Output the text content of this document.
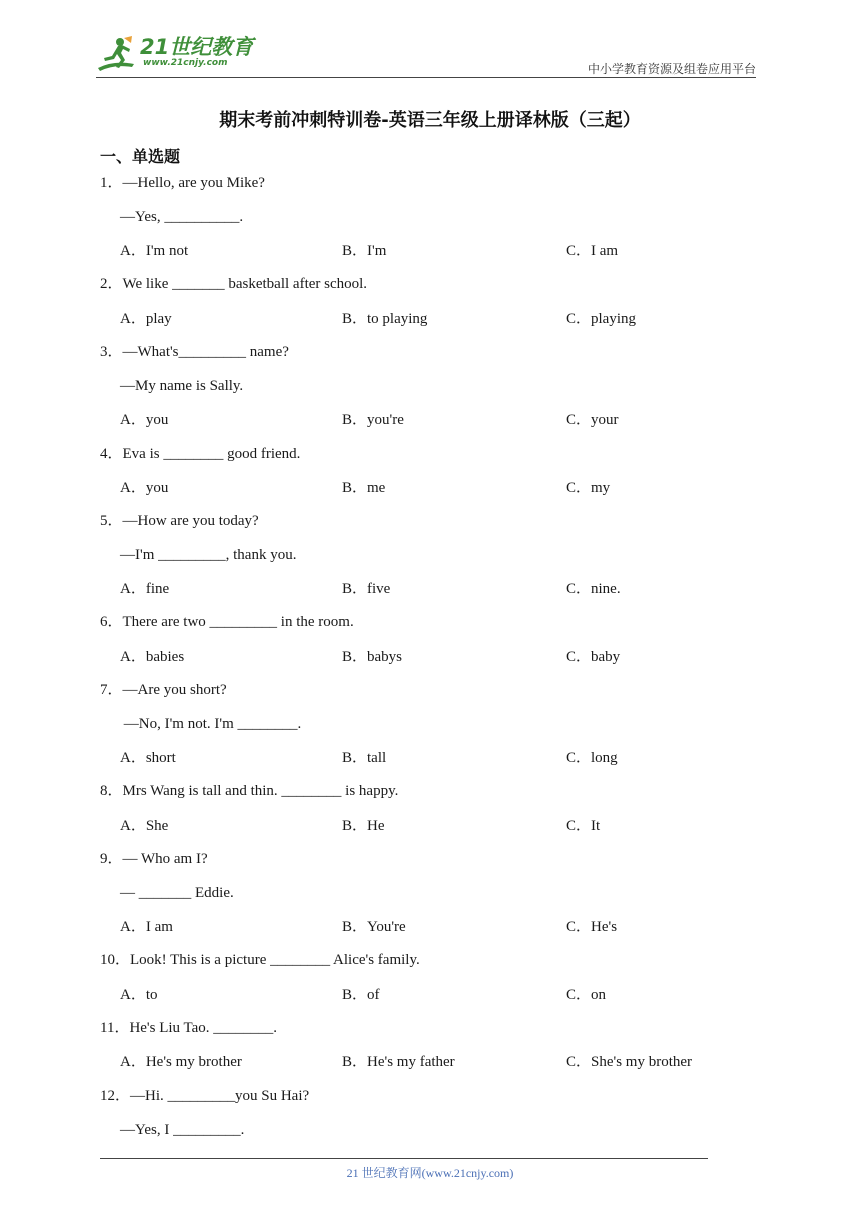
21世纪教育
www.21cnjy.com	中小学教育资源及组卷应用平台
期末考前冲刺特训卷-英语三年级上册译林版（三起）
一、单选题
1．—Hello, are you Mike?
—Yes, __________.
A．I'm not	B．I'm	C．I am
2．We like _______ basketball after school.
A．play	B．to playing	C．playing
3．—What's_________ name?
—My name is Sally.
A．you	B．you're	C．your
4．Eva is ________ good friend.
A．you	B．me	C．my
5．—How are you today?
—I'm _________, thank you.
A．fine	B．five	C．nine.
6．There are two _________ in the room.
A．babies	B．babys	C．baby
7．—Are you short?
—No, I'm not. I'm ________.
A．short	B．tall	C．long
8．Mrs Wang is tall and thin. ________ is happy.
A．She	B．He	C．It
9．— Who am I?
— _______ Eddie.
A．I am	B．You're	C．He's
10．Look! This is a picture ________ Alice's family.
A．to	B．of	C．on
11．He's Liu Tao. ________.
A．He's my brother	B．He's my father	C．She's my brother
12．—Hi. _________you Su Hai?
—Yes, I _________.
21 世纪教育网(www.21cnjy.com)
